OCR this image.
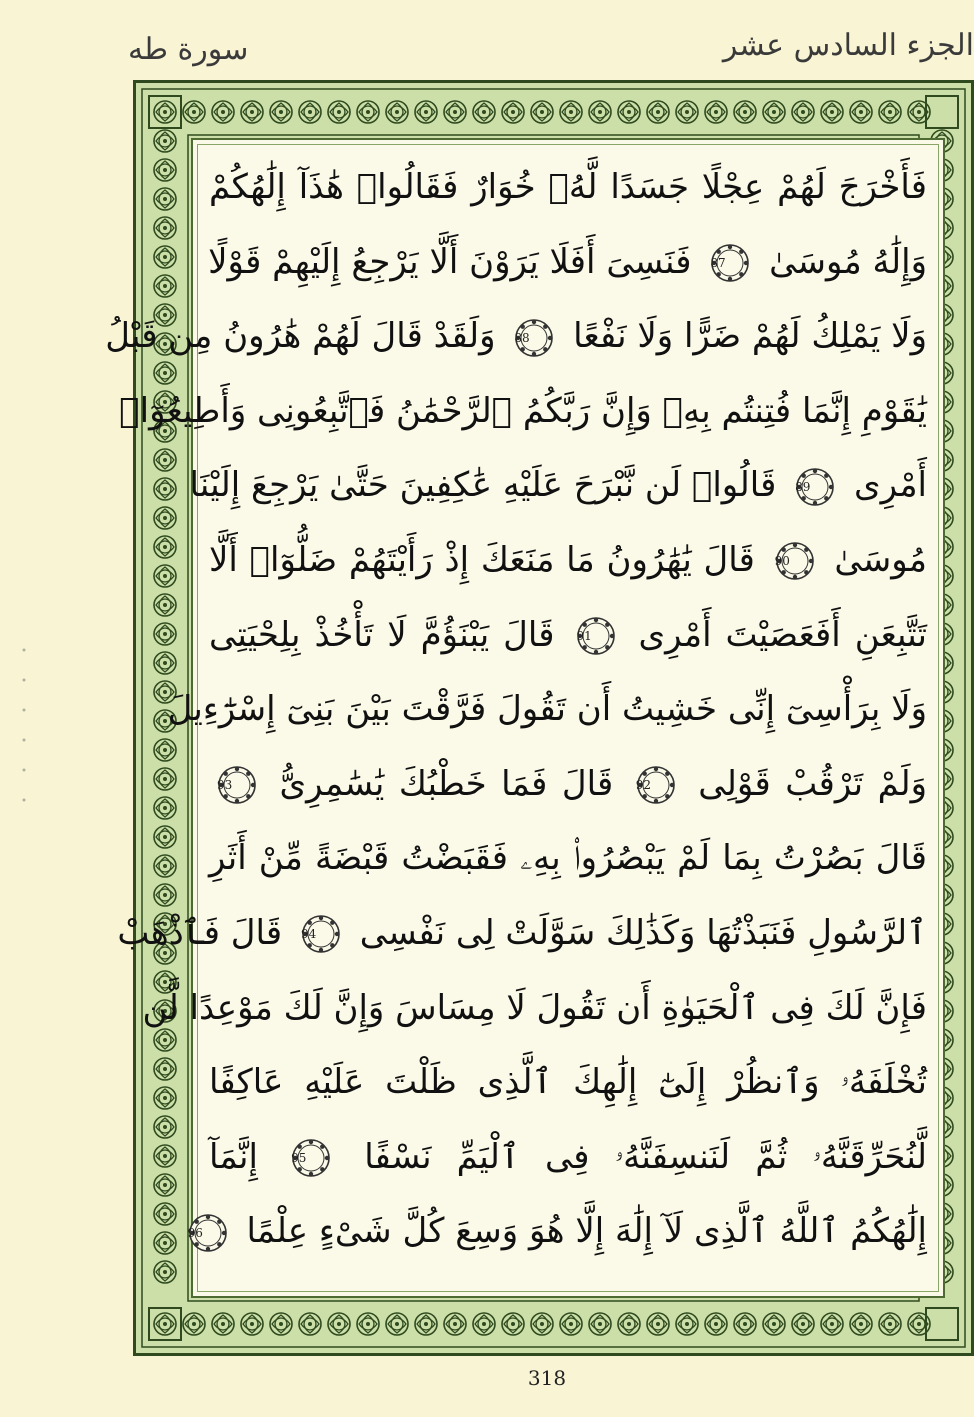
سورة طه	الجزء السادس عشر
فَأَخْرَجَ لَهُمْ عِجْلًا جَسَدًا لَّهُۥ خُوَارٌ فَقَالُوا۟ هَٰذَآ إِلَٰهُكُمْ
وَإِلَٰهُ مُوسَىٰ
87
فَنَسِىَ أَفَلَا يَرَوْنَ أَلَّا يَرْجِعُ إِلَيْهِمْ قَوْلًا
وَلَا يَمْلِكُ لَهُمْ ضَرًّا وَلَا نَفْعًا
88
وَلَقَدْ قَالَ لَهُمْ هَٰرُونُ مِن قَبْلُ
يَٰقَوْمِ إِنَّمَا فُتِنتُم بِهِۦ وَإِنَّ رَبَّكُمُ ٱلرَّحْمَٰنُ فَٱتَّبِعُونِى وَأَطِيعُوٓا۟
أَمْرِى
89
قَالُوا۟ لَن نَّبْرَحَ عَلَيْهِ عَٰكِفِينَ حَتَّىٰ يَرْجِعَ إِلَيْنَا
مُوسَىٰ
90
قَالَ يَٰهَٰرُونُ مَا مَنَعَكَ إِذْ رَأَيْتَهُمْ ضَلُّوٓا۟ أَلَّا
تَتَّبِعَنِ أَفَعَصَيْتَ أَمْرِى
91
قَالَ يَبْنَؤُمَّ لَا تَأْخُذْ بِلِحْيَتِى
وَلَا بِرَأْسِىٓ إِنِّى خَشِيتُ أَن تَقُولَ فَرَّقْتَ بَيْنَ بَنِىٓ إِسْرَٰٓءِيلَ
وَلَمْ تَرْقُبْ قَوْلِى
92
قَالَ فَمَا خَطْبُكَ يَٰسَٰمِرِىُّ
93
قَالَ بَصُرْتُ بِمَا لَمْ يَبْصُرُوا۟ بِهِۦ فَقَبَضْتُ قَبْضَةً مِّنْ أَثَرِ
ٱلرَّسُولِ فَنَبَذْتُهَا وَكَذَٰلِكَ سَوَّلَتْ لِى نَفْسِى
94
قَالَ فَٱذْهَبْ
فَإِنَّ لَكَ فِى ٱلْحَيَوٰةِ أَن تَقُولَ لَا مِسَاسَ وَإِنَّ لَكَ مَوْعِدًا لَّن
تُخْلَفَهُۥ وَٱنظُرْ إِلَىٰٓ إِلَٰهِكَ ٱلَّذِى ظَلْتَ عَلَيْهِ عَاكِفًا
لَّنُحَرِّقَنَّهُۥ ثُمَّ لَنَنسِفَنَّهُۥ فِى ٱلْيَمِّ نَسْفًا
95
إِنَّمَآ
إِلَٰهُكُمُ ٱللَّهُ ٱلَّذِى لَآ إِلَٰهَ إِلَّا هُوَ وَسِعَ كُلَّ شَىْءٍ عِلْمًا
96
318
